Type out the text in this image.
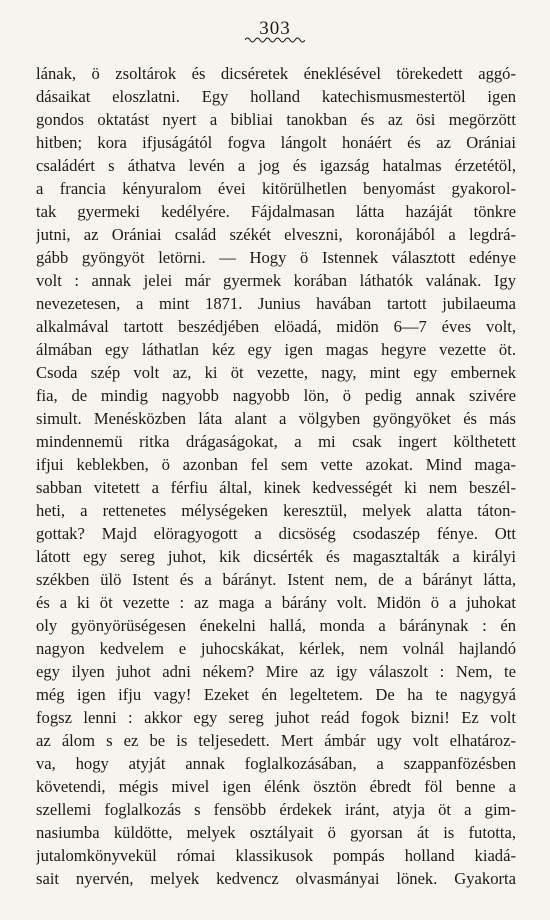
303
lának, ö zsoltárok és dicséretek éneklésével törekedett aggó-
dásaikat eloszlatni. Egy holland katechismusmestertöl igen
gondos oktatást nyert a bibliai tanokban és az ösi megörzött
hitben; kora ifjuságától fogva lángolt honáért és az Orániai
családért s áthatva levén a jog és igazság hatalmas érzetétöl,
a francia kényuralom évei kitörülhetlen benyomást gyakorol-
tak gyermeki kedélyére. Fájdalmasan látta hazáját tönkre
jutni, az Orániai család székét elveszni, koronájából a legdrá-
gább gyöngyöt letörni. — Hogy ö Istennek választott edénye
volt : annak jelei már gyermek korában láthatók valának. Igy
nevezetesen, a mint 1871. Junius havában tartott jubilaeuma
alkalmával tartott beszédjében elöadá, midön 6—7 éves volt,
álmában egy láthatlan kéz egy igen magas hegyre vezette öt.
Csoda szép volt az, ki öt vezette, nagy, mint egy embernek
fia, de mindig nagyobb nagyobb lön, ö pedig annak szivére
simult. Menésközben láta alant a völgyben gyöngyöket és más
mindennemü ritka drágaságokat, a mi csak ingert költhetett
ifjui keblekben, ö azonban fel sem vette azokat. Mind maga-
sabban vitetett a férfiu által, kinek kedvességét ki nem beszél-
heti, a rettenetes mélységeken keresztül, melyek alatta táton-
gottak? Majd elöragyogott a dicsöség csodaszép fénye. Ott
látott egy sereg juhot, kik dicsérték és magasztalták a királyi
székben ülö Istent és a bárányt. Istent nem, de a bárányt látta,
és a ki öt vezette : az maga a bárány volt. Midön ö a juhokat
oly gyönyörüségesen énekelni hallá, monda a báránynak : én
nagyon kedvelem e juhocskákat, kérlek, nem volnál hajlandó
egy ilyen juhot adni nékem? Mire az igy válaszolt : Nem, te
még igen ifju vagy! Ezeket én legeltetem. De ha te nagygyá
fogsz lenni : akkor egy sereg juhot reád fogok bizni! Ez volt
az álom s ez be is teljesedett. Mert ámbár ugy volt elhatároz-
va, hogy atyját annak foglalkozásában, a szappanfözésben
követendi, mégis mivel igen élénk ösztön ébredt föl benne a
szellemi foglalkozás s fensöbb érdekek iránt, atyja öt a gim-
nasiumba küldötte, melyek osztályait ö gyorsan át is futotta,
jutalomkönyvekül római klassikusok pompás holland kiadá-
sait nyervén, melyek kedvencz olvasmányai lönek. Gyakorta
